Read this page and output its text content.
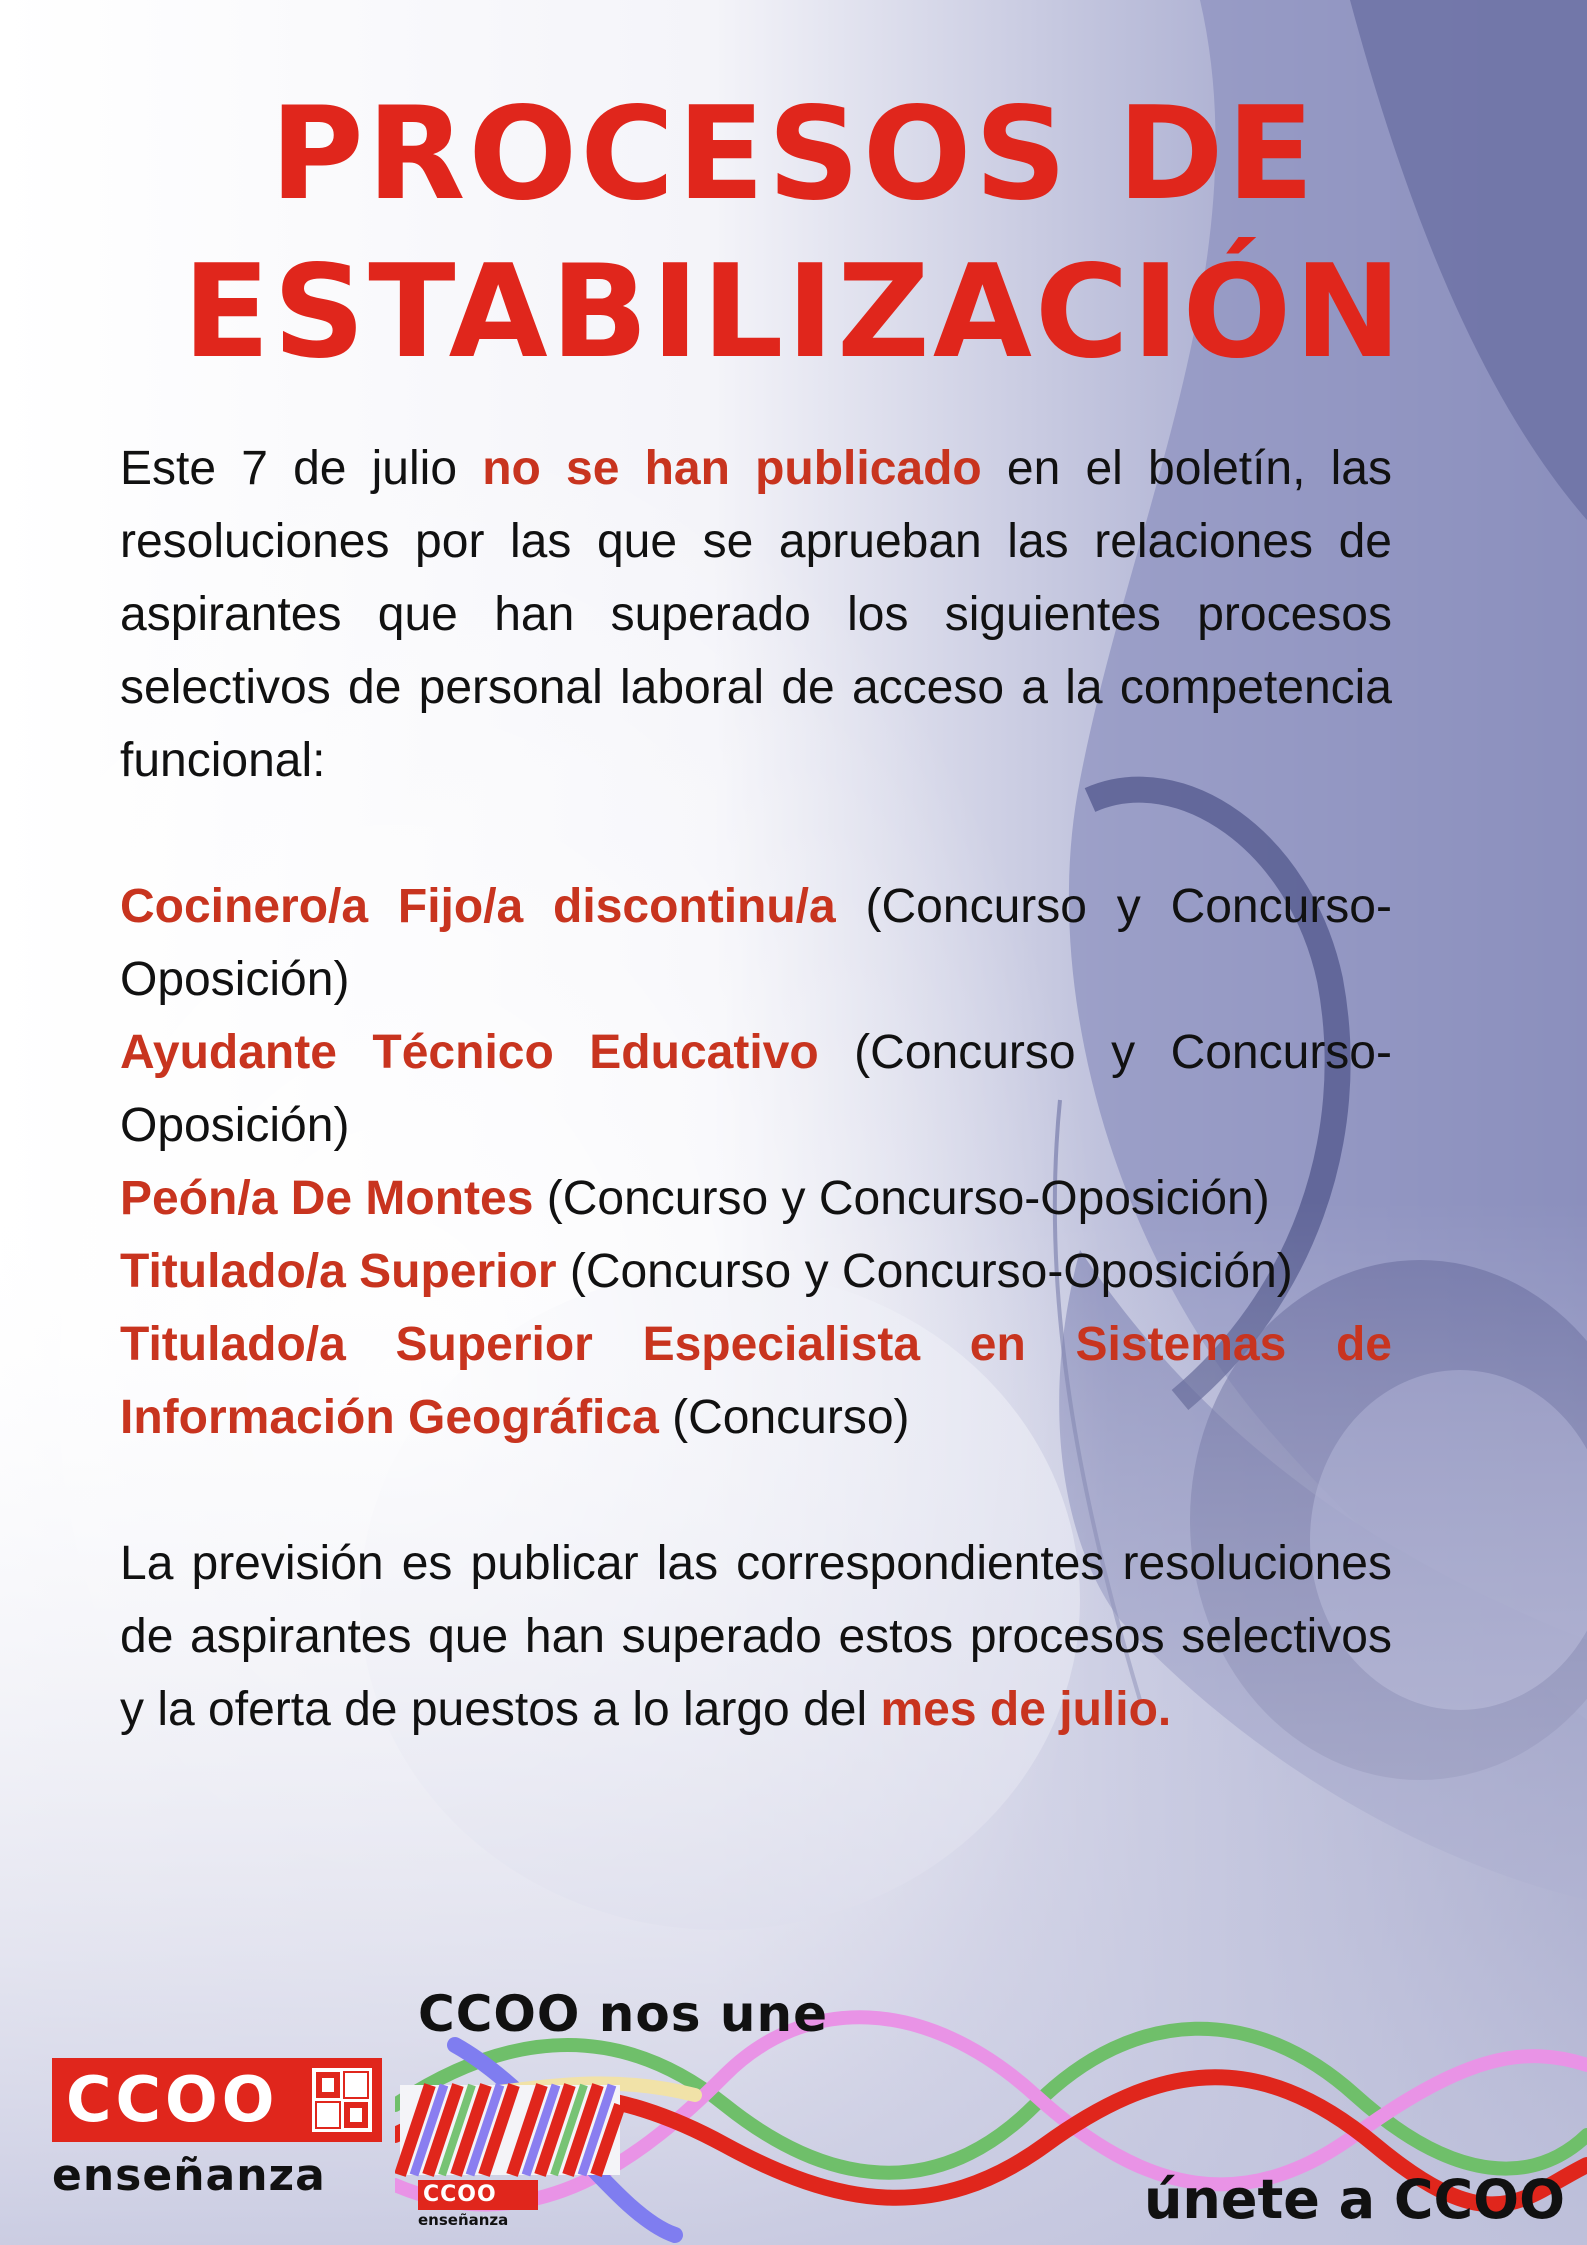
PROCESOS DE
ESTABILIZACIÓN

Este 7 de julio no se han publicado en el boletín, las resoluciones por las que se aprueban las relaciones de aspirantes que han superado los siguientes procesos selectivos de personal laboral de acceso a la competencia funcional:

Cocinero/a Fijo/a discontinu/a (Concurso y Concurso-Oposición)

Ayudante Técnico Educativo (Concurso y Concurso-Oposición)

Peón/a De Montes (Concurso y Concurso-Oposición)

Titulado/a Superior (Concurso y Concurso-Oposición)

Titulado/a Superior Especialista en Sistemas de Información Geográfica (Concurso)

La previsión es publicar las correspondientes resoluciones de aspirantes que han superado estos procesos selectivos y la oferta de puestos a lo largo del mes de julio.

CCOO nos une
CCOO
enseñanza	CCOO
enseñanza	únete a CCOO
